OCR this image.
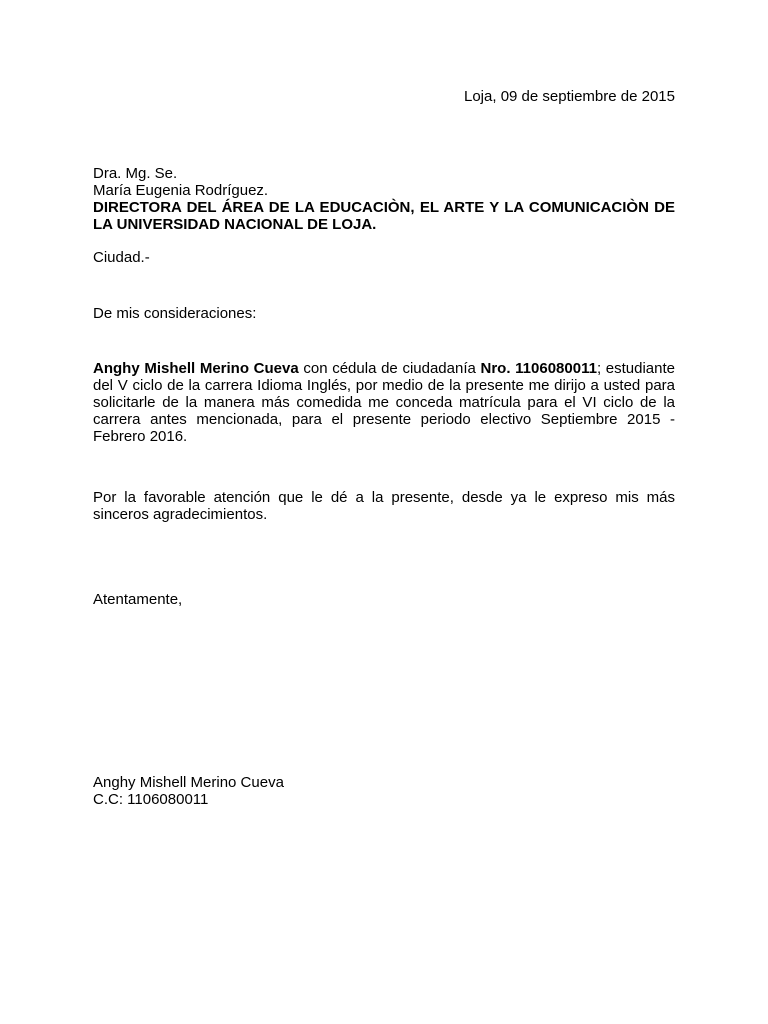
Loja, 09 de septiembre de 2015
Dra. Mg. Se.
María Eugenia Rodríguez.
DIRECTORA DEL ÁREA DE LA EDUCACIÒN, EL ARTE Y LA COMUNICACIÒN DE LA UNIVERSIDAD NACIONAL DE LOJA.
Ciudad.-
De mis consideraciones:
Anghy Mishell Merino Cueva con cédula de ciudadanía Nro. 1106080011; estudiante del V ciclo de la carrera Idioma Inglés, por medio de la presente me dirijo a usted para solicitarle de la manera más comedida me conceda matrícula para el VI ciclo de la carrera antes mencionada, para el presente periodo electivo Septiembre 2015 - Febrero 2016.
Por la favorable atención que le dé a la presente, desde ya le expreso mis más sinceros agradecimientos.
Atentamente,
Anghy Mishell Merino Cueva
C.C: 1106080011
